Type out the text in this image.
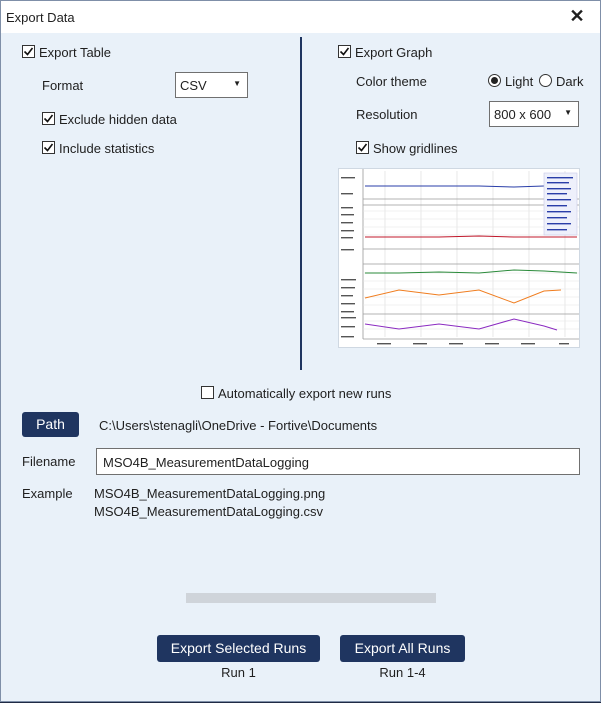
Export Data	✕
Export Table
Format	CSV	▼
Exclude hidden data
Include statistics
Export Graph
Color theme	Light Dark
Resolution	800 x 600 ▼
Show gridlines
Automatically export new runs
Path	C:\Users\stenagli\OneDrive - Fortive\Documents
Filename MSO4B_MeasurementDataLogging
Example MSO4B_MeasurementDataLogging.png
MSO4B_MeasurementDataLogging.csv
Export Selected Runs
Run 1
Export All Runs
Run 1-4
